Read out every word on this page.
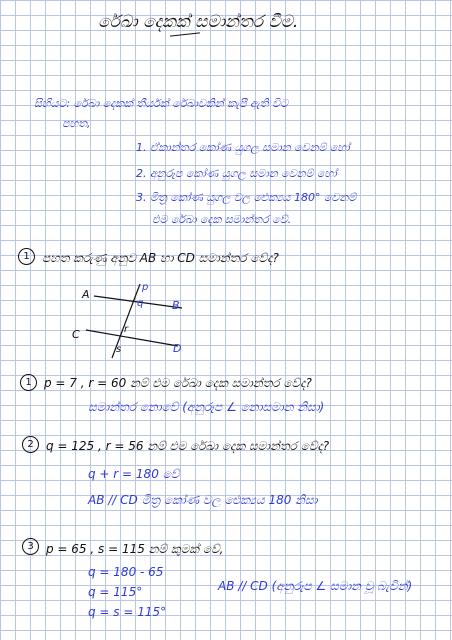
රේඛා දෙකක් සමාන්තර වීම.
සිහියට: රේඛා දෙකක් තීර්යක් රේඛාවකින් කැපී ඇති විට
පහත,
1. ඒකාන්තර කෝණ යුගල සමාන වෙනම් හෝ
2. අනුරූප කෝණ යුගල සමාන වෙනම් හෝ
3. මිත්‍ර කෝණ යුගල වල ඓක්‍යය 180° වෙනම්
එම රේඛා දෙක සමාන්තර වේ.
1	පහත කරුණු අනුව AB හා CD සමාන්තර වේද?
A
B
C
D
p
q
r
s
1	p = 7 , r = 60 නම් එම රේඛා දෙක සමාන්තර වේද?
සමාන්තර නොවේ (අනුරූප ∠ නොසමාන නිසා)
2	q = 125 , r = 56 නම් එම රේඛා දෙක සමාන්තර වේද?
q + r = 180 වේ
AB // CD මිත්‍ර කෝණ වල ඓක්‍යය 180 නිසා
3	p = 65 , s = 115 නම් කුමක් වේ,
q = 180 - 65
q = 115°
q = s = 115°
AB // CD (අනුරූප ∠ සමාන වූ බැවින්)
